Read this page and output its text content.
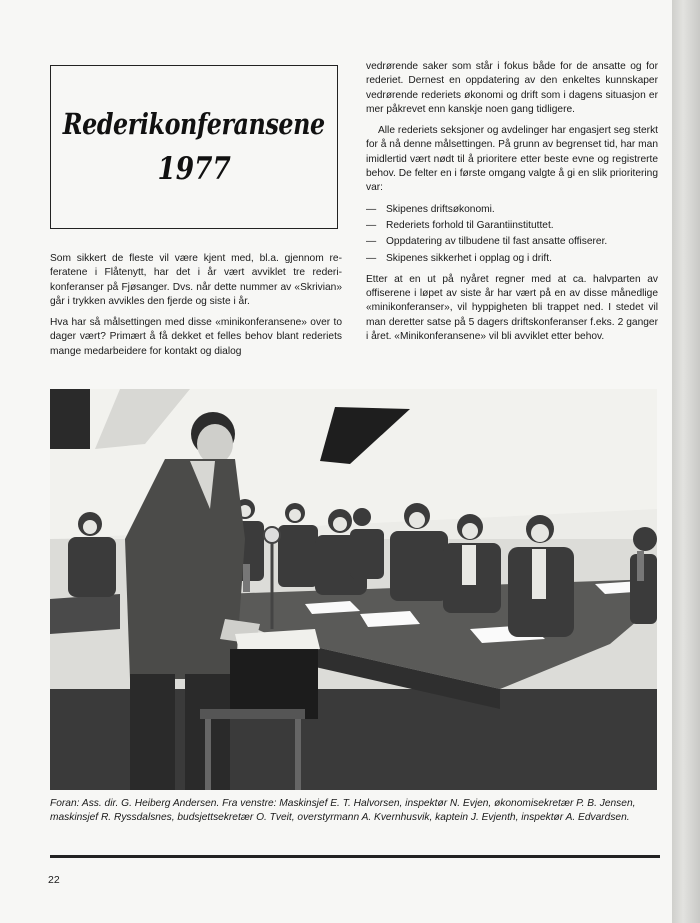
Rederikonferansene
1977

Som sikkert de fleste vil være kjent med, bl.a. gjennom referatene i Flåtenytt, har det i år vært avviklet tre rederikonferanser på Fjøsanger. Dvs. når dette nummer av «Skrivian» går i trykken avvikles den fjerde og siste i år.

Hva har så målsettingen med disse «minikonferansene» over to dager vært? Primært å få dekket et felles behov blant rederiets mange medarbeidere for kontakt og dialog

vedrørende saker som står i fokus både for de ansatte og for rederiet. Dernest en oppdatering av den enkeltes kunnskaper vedrørende rederiets økonomi og drift som i dagens situasjon er mer påkrevet enn kanskje noen gang tidligere.

Alle rederiets seksjoner og avdelinger har engasjert seg sterkt for å nå denne målsettingen. På grunn av begrenset tid, har man imidlertid vært nødt til å prioritere etter beste evne og registrerte behov. De felter en i første omgang valgte å gi en slik prioritering var:

— Skipenes driftsøkonomi.
— Rederiets forhold til Garantiinstituttet.
— Oppdatering av tilbudene til fast ansatte offiserer.
— Skipenes sikkerhet i opplag og i drift.

Etter at en ut på nyåret regner med at ca. halvparten av offiserene i løpet av siste år har vært på en av disse månedlige «minikonferanser», vil hyppigheten bli trappet ned. I stedet vil man deretter satse på 5 dagers driftskonferanser f.eks. 2 ganger i året. «Minikonferansene» vil bli avviklet etter behov.

Foran: Ass. dir. G. Heiberg Andersen. Fra venstre: Maskinsjef E. T. Halvorsen, inspektør N. Evjen, økonomisekretær P. B. Jensen, maskinsjef R. Ryssdalsnes, budsjettsekretær O. Tveit, overstyrmann A. Kvernhusvik, kaptein J. Evjenth, inspektør A. Edvardsen.
22
